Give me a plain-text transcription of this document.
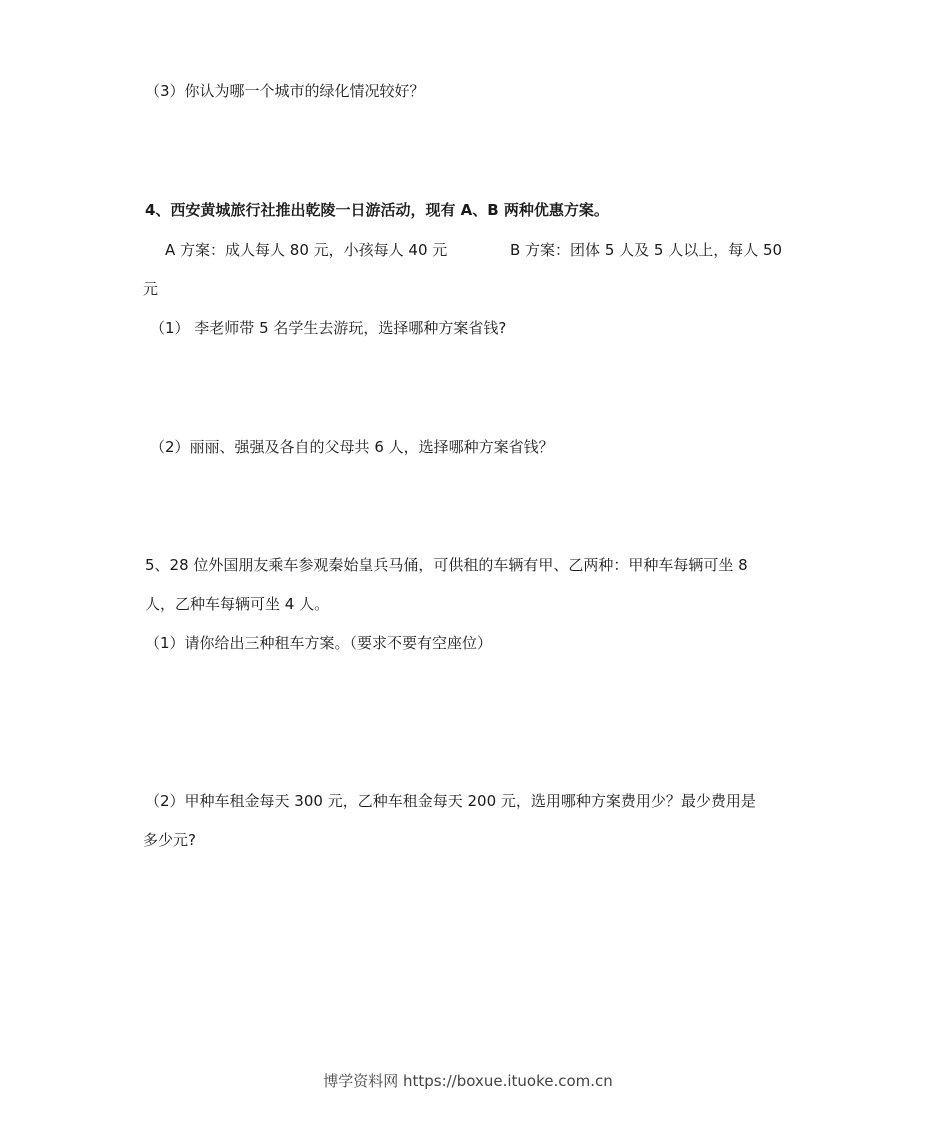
（3）你认为哪一个城市的绿化情况较好？
4、西安黄城旅行社推出乾陵一日游活动，现有 A、B 两种优惠方案。
A 方案：成人每人 80 元，小孩每人 40 元	B 方案：团体 5 人及 5 人以上，每人 50
元
（1） 李老师带 5 名学生去游玩，选择哪种方案省钱?
（2）丽丽、强强及各自的父母共 6 人，选择哪种方案省钱？
5、28 位外国朋友乘车参观秦始皇兵马俑，可供租的车辆有甲、乙两种：甲种车每辆可坐 8
人，乙种车每辆可坐 4 人。
（1）请你给出三种租车方案。（要求不要有空座位）
（2）甲种车租金每天 300 元，乙种车租金每天 200 元，选用哪种方案费用少？最少费用是
多少元?
博学资料网 https://boxue.ituoke.com.cn
